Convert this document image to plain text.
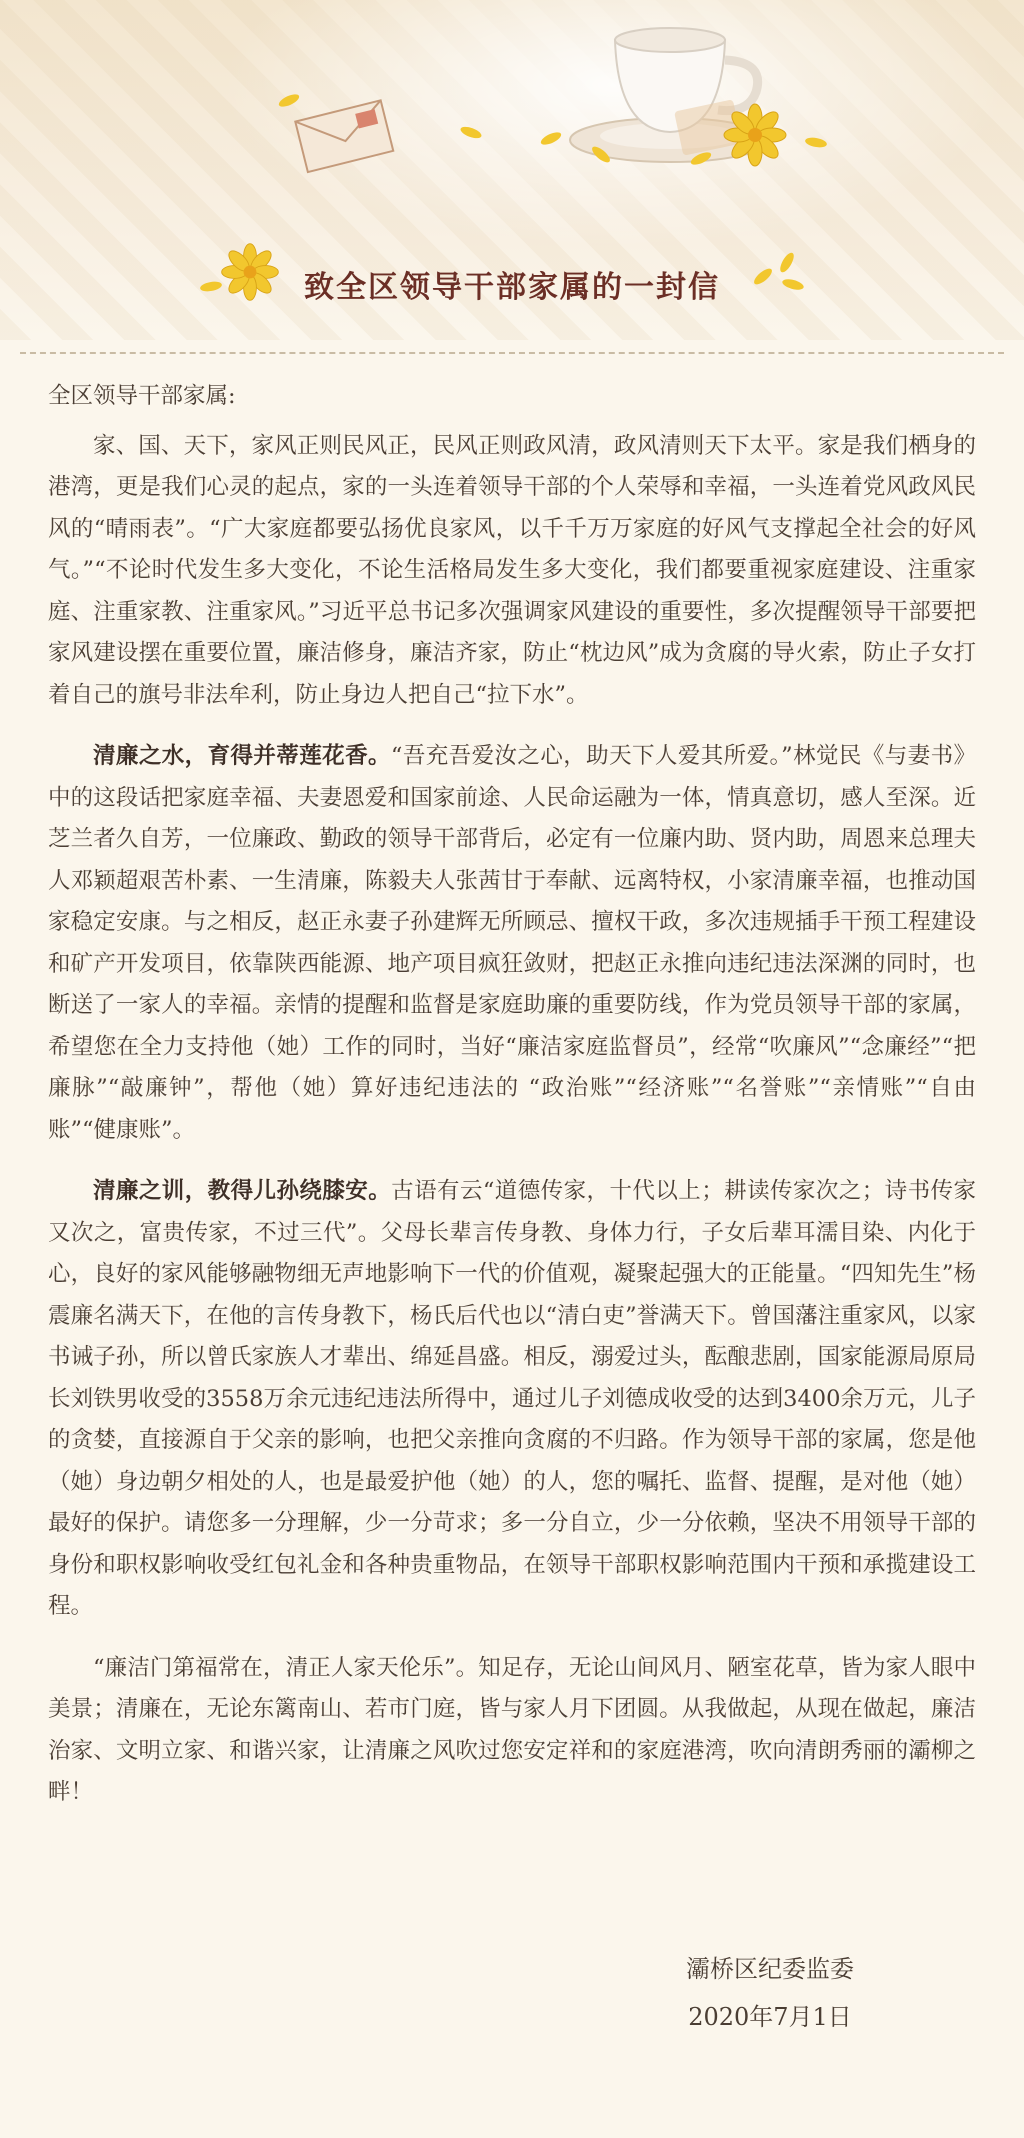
致全区领导干部家属的一封信

全区领导干部家属:

家、国、天下，家风正则民风正，民风正则政风清，政风清则天下太平。家是我们栖身的港湾，更是我们心灵的起点，家的一头连着领导干部的个人荣辱和幸福，一头连着党风政风民风的“晴雨表”。“广大家庭都要弘扬优良家风，以千千万万家庭的好风气支撑起全社会的好风气。”“不论时代发生多大变化，不论生活格局发生多大变化，我们都要重视家庭建设、注重家庭、注重家教、注重家风。”习近平总书记多次强调家风建设的重要性，多次提醒领导干部要把家风建设摆在重要位置，廉洁修身，廉洁齐家，防止“枕边风”成为贪腐的导火索，防止子女打着自己的旗号非法牟利，防止身边人把自己“拉下水”。

清廉之水，育得并蒂莲花香。“吾充吾爱汝之心，助天下人爱其所爱。”林觉民《与妻书》中的这段话把家庭幸福、夫妻恩爱和国家前途、人民命运融为一体，情真意切，感人至深。近芝兰者久自芳，一位廉政、勤政的领导干部背后，必定有一位廉内助、贤内助，周恩来总理夫人邓颖超艰苦朴素、一生清廉，陈毅夫人张茜甘于奉献、远离特权，小家清廉幸福，也推动国家稳定安康。与之相反，赵正永妻子孙建辉无所顾忌、擅权干政，多次违规插手干预工程建设和矿产开发项目，依靠陕西能源、地产项目疯狂敛财，把赵正永推向违纪违法深渊的同时，也断送了一家人的幸福。亲情的提醒和监督是家庭助廉的重要防线，作为党员领导干部的家属，希望您在全力支持他（她）工作的同时，当好“廉洁家庭监督员”，经常“吹廉风”“念廉经”“把廉脉”“敲廉钟”，帮他（她）算好违纪违法的 “政治账”“经济账”“名誉账”“亲情账”“自由账”“健康账”。

清廉之训，教得儿孙绕膝安。古语有云“道德传家，十代以上；耕读传家次之；诗书传家又次之，富贵传家，不过三代”。父母长辈言传身教、身体力行，子女后辈耳濡目染、内化于心，良好的家风能够融物细无声地影响下一代的价值观，凝聚起强大的正能量。“四知先生”杨震廉名满天下，在他的言传身教下，杨氏后代也以“清白吏”誉满天下。曾国藩注重家风，以家书诫子孙，所以曾氏家族人才辈出、绵延昌盛。相反，溺爱过头，酝酿悲剧，国家能源局原局长刘铁男收受的3558万余元违纪违法所得中，通过儿子刘德成收受的达到3400余万元，儿子的贪婪，直接源自于父亲的影响，也把父亲推向贪腐的不归路。作为领导干部的家属，您是他（她）身边朝夕相处的人，也是最爱护他（她）的人，您的嘱托、监督、提醒，是对他（她）最好的保护。请您多一分理解，少一分苛求；多一分自立，少一分依赖，坚决不用领导干部的身份和职权影响收受红包礼金和各种贵重物品，在领导干部职权影响范围内干预和承揽建设工程。

“廉洁门第福常在，清正人家天伦乐”。知足存，无论山间风月、陋室花草，皆为家人眼中美景；清廉在，无论东篱南山、若市门庭，皆与家人月下团圆。从我做起，从现在做起，廉洁治家、文明立家、和谐兴家，让清廉之风吹过您安定祥和的家庭港湾，吹向清朗秀丽的灞柳之畔！

灞桥区纪委监委
2020年7月1日
